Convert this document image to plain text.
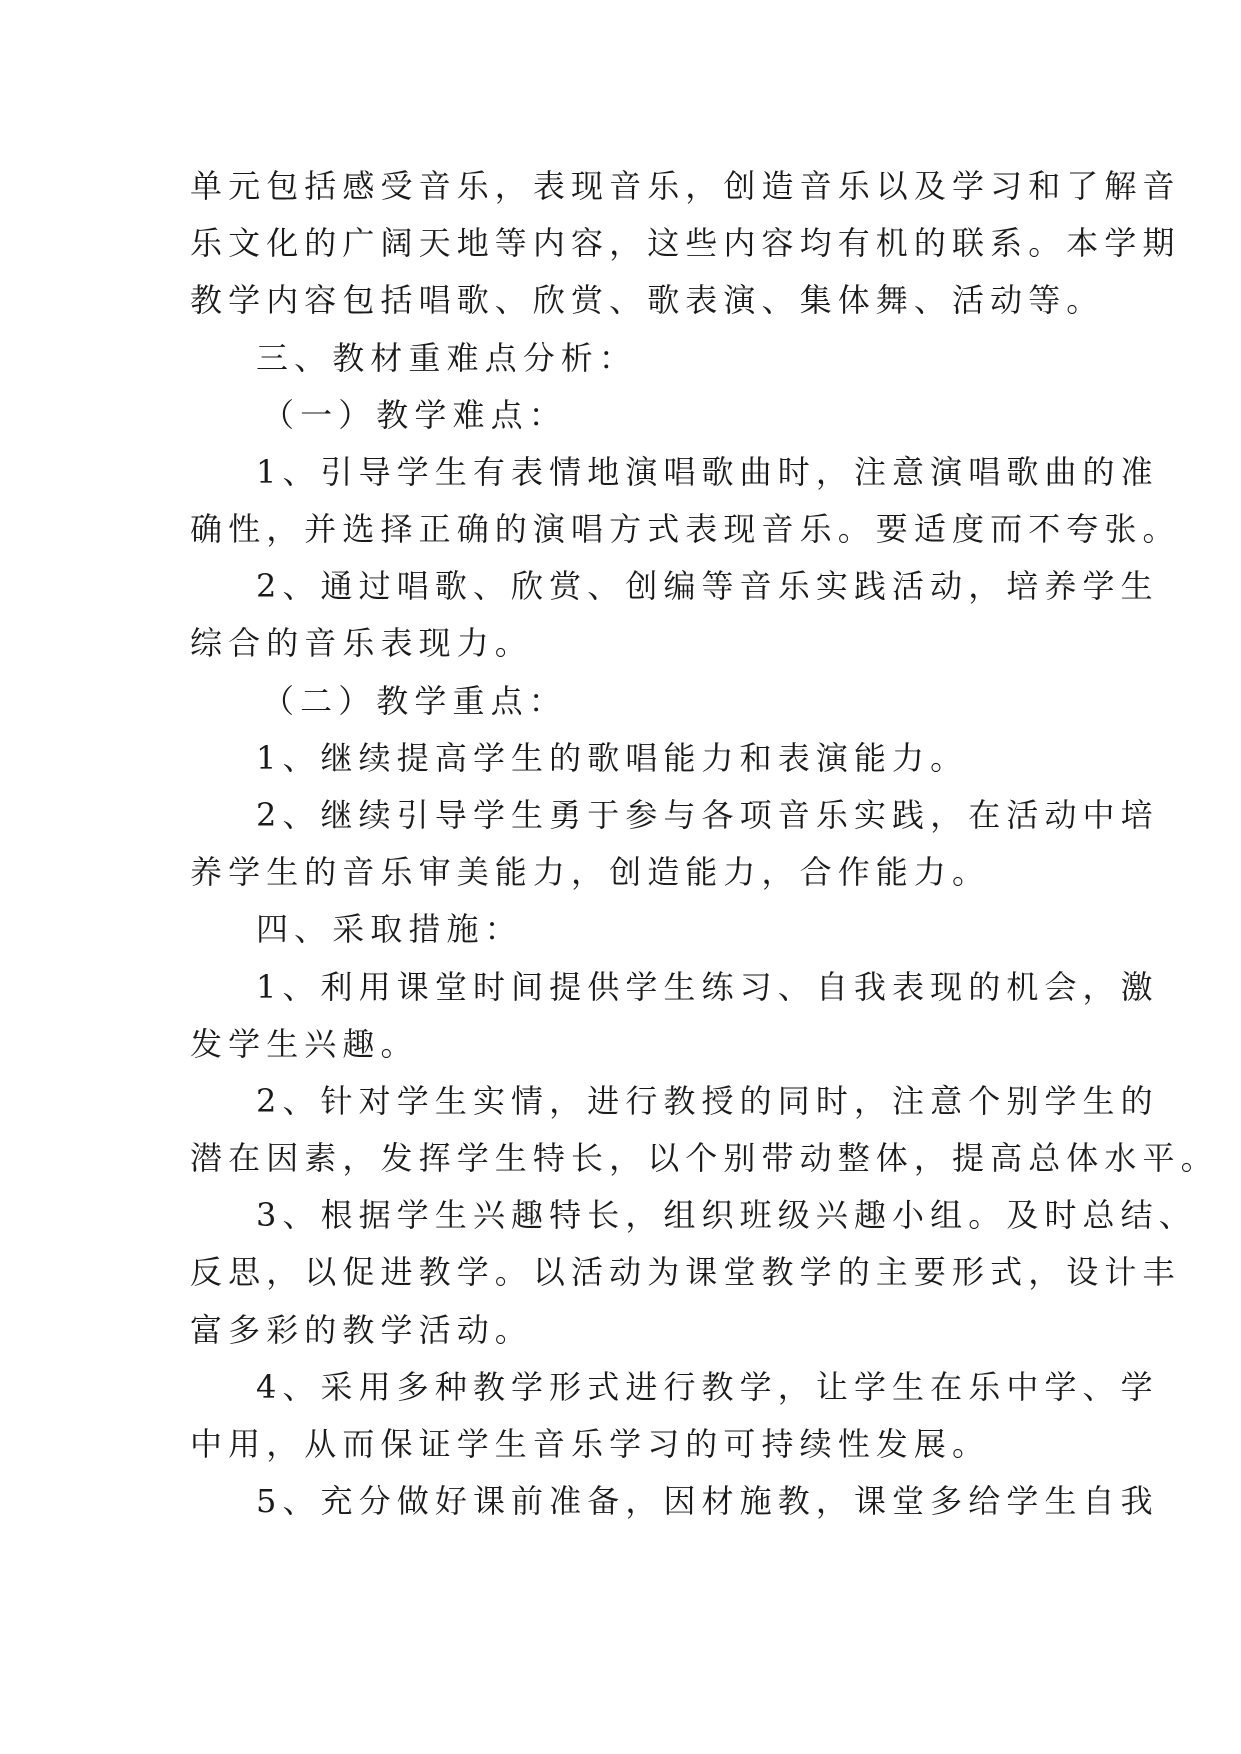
单元包括感受音乐，表现音乐，创造音乐以及学习和了解音
乐文化的广阔天地等内容，这些内容均有机的联系。本学期
教学内容包括唱歌、欣赏、歌表演、集体舞、活动等。
三、教材重难点分析：
（一）教学难点：
1、引导学生有表情地演唱歌曲时，注意演唱歌曲的准
确性，并选择正确的演唱方式表现音乐。要适度而不夸张。
2、通过唱歌、欣赏、创编等音乐实践活动，培养学生
综合的音乐表现力。
（二）教学重点：
1、继续提高学生的歌唱能力和表演能力。
2、继续引导学生勇于参与各项音乐实践，在活动中培
养学生的音乐审美能力，创造能力，合作能力。
四、采取措施：
1、利用课堂时间提供学生练习、自我表现的机会，激
发学生兴趣。
2、针对学生实情，进行教授的同时，注意个别学生的
潜在因素，发挥学生特长，以个别带动整体，提高总体水平。
3、根据学生兴趣特长，组织班级兴趣小组。及时总结、
反思，以促进教学。以活动为课堂教学的主要形式，设计丰
富多彩的教学活动。
4、采用多种教学形式进行教学，让学生在乐中学、学
中用，从而保证学生音乐学习的可持续性发展。
5、充分做好课前准备，因材施教，课堂多给学生自我
